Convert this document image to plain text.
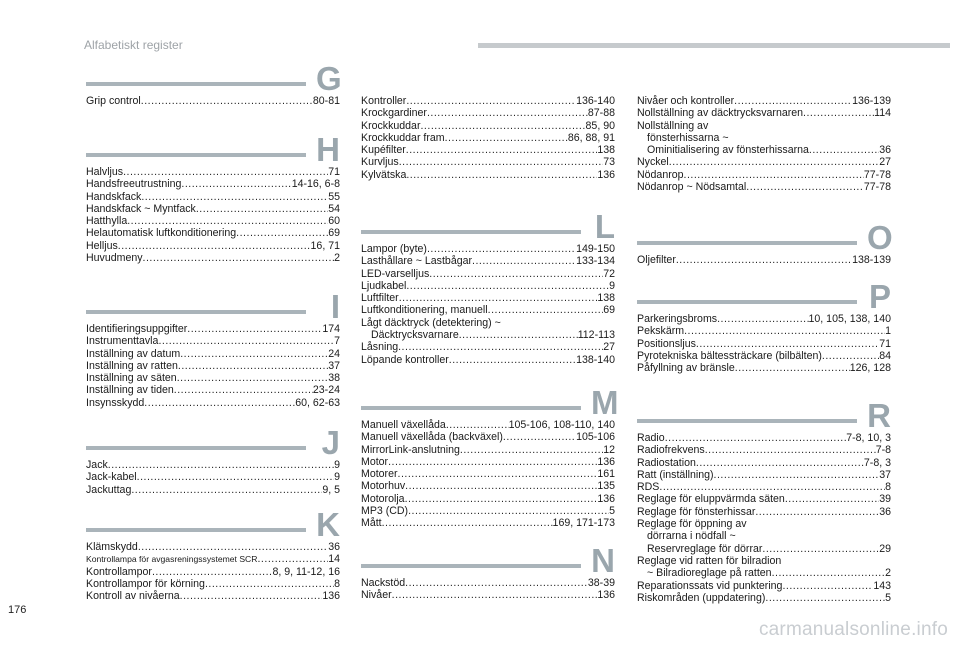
Alfabetiskt register
G
Grip control .....	80-81
H
Halvljus .....	71
Handsfreeutrustning .....	14-16, 6-8
Handskfack .....	55
Handskfack ~ Myntfack .....	54
Hatthylla .....	60
Helautomatisk luftkonditionering .....	69
Helljus .....	16, 71
Huvudmeny .....	2
I
Identifieringsuppgifter .....	174
Instrumenttavla .....	7
Inställning av datum .....	24
Inställning av ratten .....	37
Inställning av säten .....	38
Inställning av tiden .....	23-24
Insynsskydd .....	60, 62-63
J
Jack .....	9
Jack-kabel .....	9
Jackuttag .....	9, 5
K
Klämskydd .....	36
Kontrollampa för avgasreningssystemet SCR .....	14
Kontrollampor .....	8, 9, 11-12, 16
Kontrollampor för körning .....	8
Kontroll av nivåerna .....	136
Kontroller .....	136-140
Krockgardiner .....	87-88
Krockkuddar .....	85, 90
Krockkuddar fram .....	86, 88, 91
Kupéfilter .....	138
Kurvljus .....	73
Kylvätska .....	136
L
Lampor (byte) .....	149-150
Lasthållare ~ Lastbågar .....	133-134
LED-varselljus .....	72
Ljudkabel .....	9
Luftfilter .....	138
Luftkonditionering, manuell .....	69
Lågt däcktryck (detektering) ~
Däcktrycksvarnare .....	112-113
Låsning .....	27
Löpande kontroller .....	138-140
M
Manuell växellåda .....	105-106, 108-110, 140
Manuell växellåda (backväxel) .....	105-106
MirrorLink-anslutning .....	12
Motor .....	136
Motorer .....	161
Motorhuv .....	135
Motorolja .....	136
MP3 (CD) .....	5
Mått .....	169, 171-173
N
Nackstöd .....	38-39
Nivåer .....	136
Nivåer och kontroller .....	136-139
Nollställning av däcktrycksvarnaren .....	114
Nollställning av
fönsterhissarna ~
Ominitialisering av fönsterhissarna .....	36
Nyckel .....	27
Nödanrop .....	77-78
Nödanrop ~ Nödsamtal .....	77-78
O
Oljefilter .....	138-139
P
Parkeringsbroms .....	10, 105, 138, 140
Pekskärm .....	1
Positionsljus .....	71
Pyrotekniska bältessträckare (bilbälten) .....	84
Påfyllning av bränsle .....	126, 128
R
Radio .....	7-8, 10, 3
Radiofrekvens .....	7-8
Radiostation .....	7-8, 3
Ratt (inställning) .....	37
RDS .....	8
Reglage för eluppvärmda säten .....	39
Reglage för fönsterhissar .....	36
Reglage för öppning av
dörrarna i nödfall ~
Reservreglage för dörrar .....	29
Reglage vid ratten för bilradion
~ Bilradioreglage på ratten .....	2
Reparationssats vid punktering .....	143
Riskområden (uppdatering) .....	5
176
carmanualsonline.info
